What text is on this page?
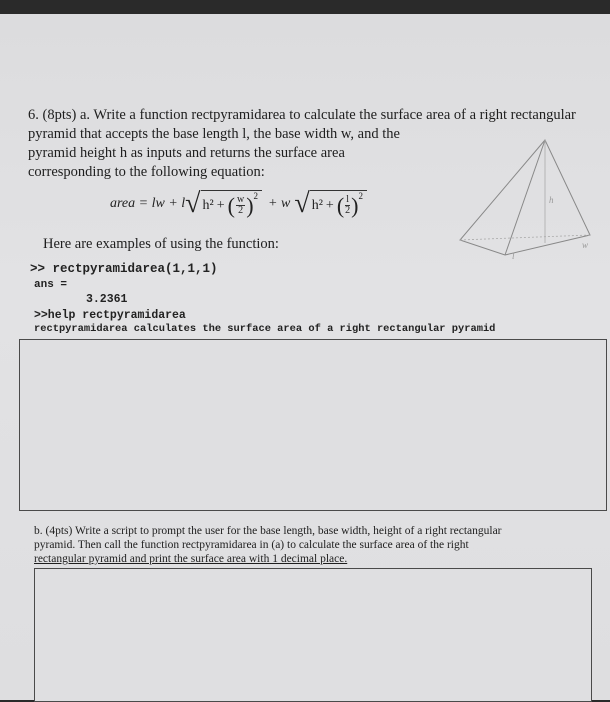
6. (8pts) a. Write a function rectpyramidarea to calculate the surface area of a right rectangular

pyramid that accepts the base length l, the base width w, and the

pyramid height h as inputs and returns the surface area

corresponding to the following equation:

area = lw + l √ h² + ( $\frac{w}{2} )^2$
+ w √ h² + ( $\frac{l}{2} )^2$	h
l
w
Here are examples of using the function:
>> rectpyramidarea(1,1,1)
ans =
3.2361
>>help rectpyramidarea
rectpyramidarea calculates the surface area of a right rectangular pyramid
b. (4pts) Write a script to prompt the user for the base length, base width, height of a right rectangular
pyramid. Then call the function rectpyramidarea in (a) to calculate the surface area of the right
rectangular pyramid and print the surface area with 1 decimal place.
